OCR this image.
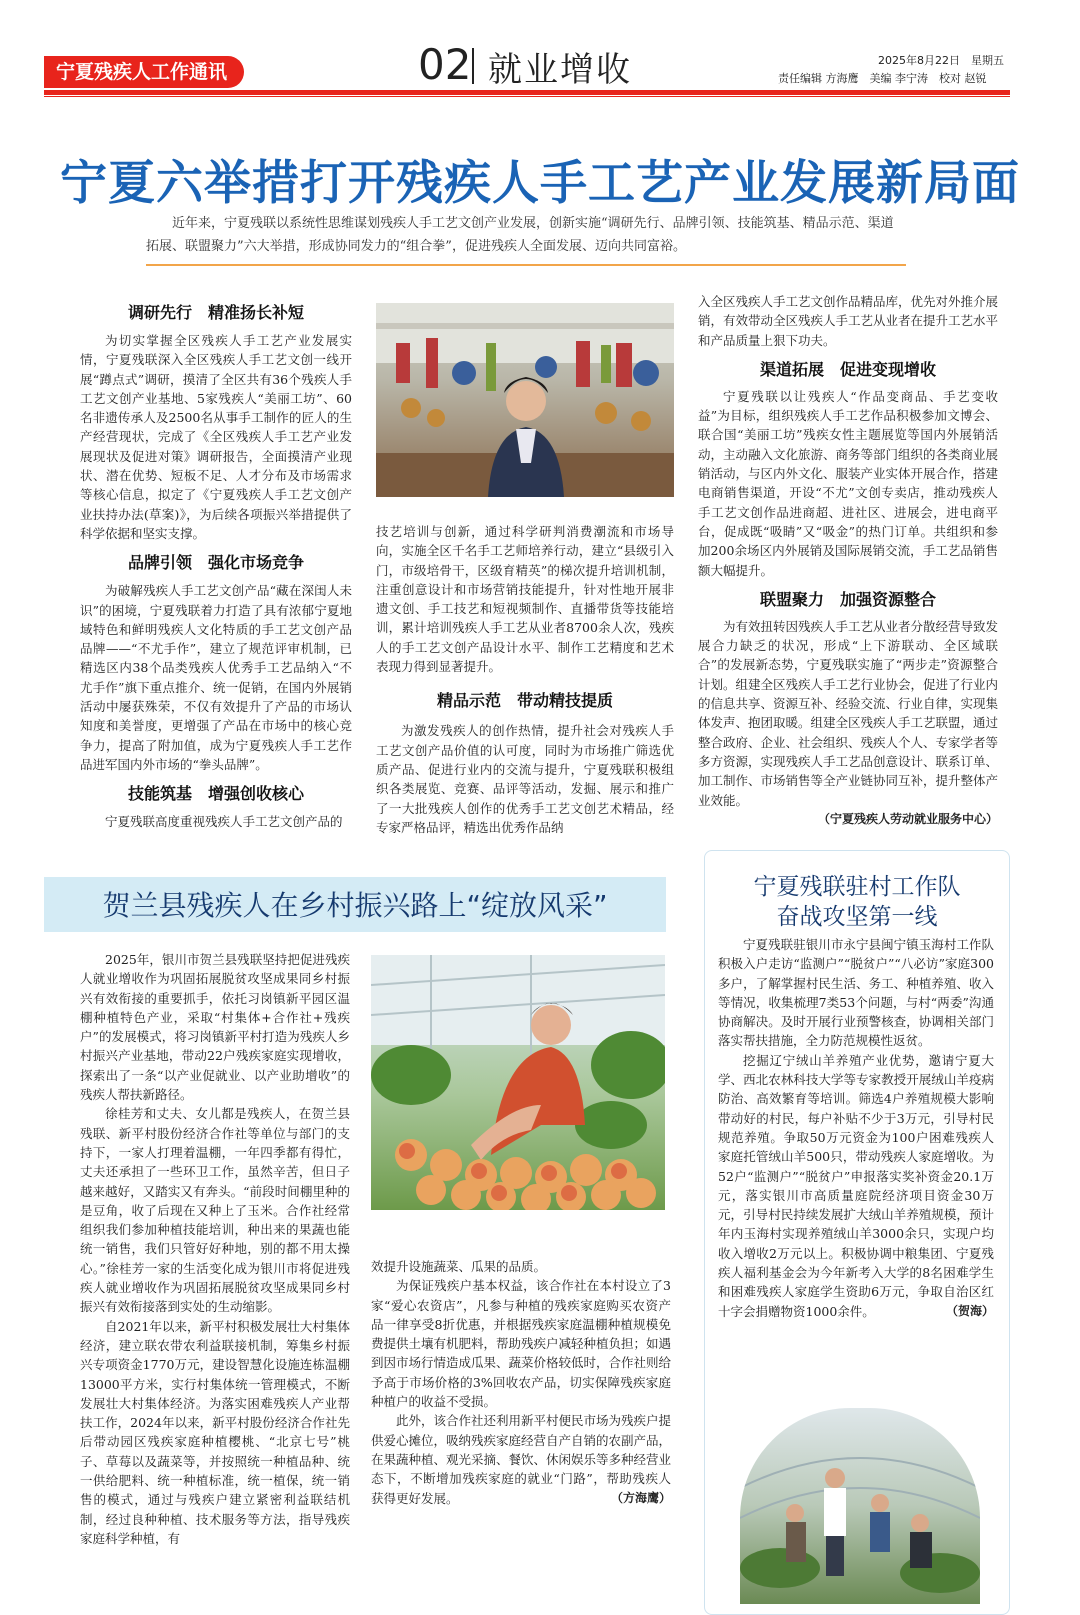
宁夏残疾人工作通讯	02 就业增收	2025年8月22日　星期五
责任编辑 方海鹰　美编 李宁涛　校对 赵锐
宁夏六举措打开残疾人手工艺产业发展新局面
近年来，宁夏残联以系统性思维谋划残疾人手工艺文创产业发展，创新实施“调研先行、品牌引领、技能筑基、精品示范、渠道拓展、联盟聚力”六大举措，形成协同发力的“组合拳”，促进残疾人全面发展、迈向共同富裕。
调研先行　精准扬长补短

为切实掌握全区残疾人手工艺产业发展实情，宁夏残联深入全区残疾人手工艺文创一线开展“蹲点式”调研，摸清了全区共有36个残疾人手工艺文创产业基地、5家残疾人“美丽工坊”、60名非遗传承人及2500名从事手工制作的匠人的生产经营现状，完成了《全区残疾人手工艺产业发展现状及促进对策》调研报告，全面摸清产业现状、潜在优势、短板不足、人才分布及市场需求等核心信息，拟定了《宁夏残疾人手工艺文创产业扶持办法(草案)》，为后续各项振兴举措提供了科学依据和坚实支撑。

品牌引领　强化市场竞争

为破解残疾人手工艺文创产品“藏在深闺人未识”的困境，宁夏残联着力打造了具有浓郁宁夏地域特色和鲜明残疾人文化特质的手工艺文创产品品牌——“不尤手作”，建立了规范评审机制，已精选区内38个品类残疾人优秀手工艺品纳入“不尤手作”旗下重点推介、统一促销，在国内外展销活动中屡获殊荣，不仅有效提升了产品的市场认知度和美誉度，更增强了产品在市场中的核心竞争力，提高了附加值，成为宁夏残疾人手工艺作品进军国内外市场的“拳头品牌”。

技能筑基　增强创收核心

宁夏残联高度重视残疾人手工艺文创产品的

技艺培训与创新，通过科学研判消费潮流和市场导向，实施全区千名手工艺师培养行动，建立“县级引入门，市级培骨干，区级育精英”的梯次提升培训机制，注重创意设计和市场营销技能提升，针对性地开展非遗文创、手工技艺和短视频制作、直播带货等技能培训，累计培训残疾人手工艺从业者8700余人次，残疾人的手工艺文创产品设计水平、制作工艺精度和艺术表现力得到显著提升。

精品示范　带动精技提质

为激发残疾人的创作热情，提升社会对残疾人手工艺文创产品价值的认可度，同时为市场推广筛选优质产品、促进行业内的交流与提升，宁夏残联积极组织各类展览、竞赛、品评等活动，发掘、展示和推广了一大批残疾人创作的优秀手工艺文创艺术精品，经专家严格品评，精选出优秀作品纳

入全区残疾人手工艺文创作品精品库，优先对外推介展销，有效带动全区残疾人手工艺从业者在提升工艺水平和产品质量上狠下功夫。

渠道拓展　促进变现增收

宁夏残联以让残疾人“作品变商品、手艺变收益”为目标，组织残疾人手工艺作品积极参加文博会、联合国“美丽工坊”残疾女性主题展览等国内外展销活动，主动融入文化旅游、商务等部门组织的各类商业展销活动，与区内外文化、服装产业实体开展合作，搭建电商销售渠道，开设“不尤”文创专卖店，推动残疾人手工艺文创作品进商超、进社区、进展会，进电商平台，促成既“吸睛”又“吸金”的热门订单。共组织和参加200余场区内外展销及国际展销交流，手工艺品销售额大幅提升。

联盟聚力　加强资源整合

为有效扭转因残疾人手工艺从业者分散经营导致发展合力缺乏的状况，形成“上下游联动、全区域联合”的发展新态势，宁夏残联实施了“两步走”资源整合计划。组建全区残疾人手工艺行业协会，促进了行业内的信息共享、资源互补、经验交流、行业自律，实现集体发声、抱团取暖。组建全区残疾人手工艺联盟，通过整合政府、企业、社会组织、残疾人个人、专家学者等多方资源，实现残疾人手工艺品创意设计、联系订单、加工制作、市场销售等全产业链协同互补，提升整体产业效能。

（宁夏残疾人劳动就业服务中心）
贺兰县残疾人在乡村振兴路上“绽放风采”

2025年，银川市贺兰县残联坚持把促进残疾人就业增收作为巩固拓展脱贫攻坚成果同乡村振兴有效衔接的重要抓手，依托习岗镇新平园区温棚种植特色产业，采取“村集体+合作社+残疾户”的发展模式，将习岗镇新平村打造为残疾人乡村振兴产业基地，带动22户残疾家庭实现增收，探索出了一条“以产业促就业、以产业助增收”的残疾人帮扶新路径。

徐桂芳和丈夫、女儿都是残疾人，在贺兰县残联、新平村股份经济合作社等单位与部门的支持下，一家人打理着温棚，一年四季都有得忙，丈夫还承担了一些环卫工作，虽然辛苦，但日子越来越好，又踏实又有奔头。“前段时间棚里种的是豆角，收了后现在又种上了玉米。合作社经常组织我们参加种植技能培训，种出来的果蔬也能统一销售，我们只管好好种地，别的都不用太操心。”徐桂芳一家的生活变化成为银川市将促进残疾人就业增收作为巩固拓展脱贫攻坚成果同乡村振兴有效衔接落到实处的生动缩影。

自2021年以来，新平村积极发展壮大村集体经济，建立联农带农利益联接机制，筹集乡村振兴专项资金1770万元，建设智慧化设施连栋温棚13000平方米，实行村集体统一管理模式，不断发展壮大村集体经济。为落实困难残疾人产业帮扶工作，2024年以来，新平村股份经济合作社先后带动园区残疾家庭种植樱桃、“北京七号”桃子、草莓以及蔬菜等，并按照统一种植品种、统一供给肥料、统一种植标准，统一植保，统一销售的模式，通过与残疾户建立紧密利益联结机制，经过良种种植、技术服务等方法，指导残疾家庭科学种植，有

效提升设施蔬菜、瓜果的品质。

为保证残疾户基本权益，该合作社在本村设立了3家“爱心农资店”，凡参与种植的残疾家庭购买农资产品一律享受8折优惠，并根据残疾家庭温棚种植规模免费提供土壤有机肥料，帮助残疾户减轻种植负担；如遇到因市场行情造成瓜果、蔬菜价格较低时，合作社则给予高于市场价格的3%回收农产品，切实保障残疾家庭种植户的收益不受损。

此外，该合作社还利用新平村便民市场为残疾户提供爱心摊位，吸纳残疾家庭经营自产自销的农副产品，在果蔬种植、观光采摘、餐饮、休闲娱乐等多种经营业态下，不断增加残疾家庭的就业“门路”，帮助残疾人获得更好发展。	（方海鹰）
宁夏残联驻村工作队
奋战攻坚第一线

宁夏残联驻银川市永宁县闽宁镇玉海村工作队积极入户走访“监测户”“脱贫户”“八必访”家庭300多户，了解掌握村民生活、务工、种植养殖、收入等情况，收集梳理7类53个问题，与村“两委”沟通协商解决。及时开展行业预警核查，协调相关部门落实帮扶措施，全力防范规模性返贫。

挖掘辽宁绒山羊养殖产业优势，邀请宁夏大学、西北农林科技大学等专家教授开展绒山羊疫病防治、高效繁育等培训。筛选4户养殖规模大影响带动好的村民，每户补贴不少于3万元，引导村民规范养殖。争取50万元资金为100户困难残疾人家庭托管绒山羊500只，带动残疾人家庭增收。为52户“监测户”“脱贫户”申报落实奖补资金20.1万元，落实银川市高质量庭院经济项目资金30万元，引导村民持续发展扩大绒山羊养殖规模，预计年内玉海村实现养殖绒山羊3000余只，实现户均收入增收2万元以上。积极协调中粮集团、宁夏残疾人福利基金会为今年新考入大学的8名困难学生和困难残疾人家庭学生资助6万元，争取自治区红十字会捐赠物资1000余件。	（贺海）
